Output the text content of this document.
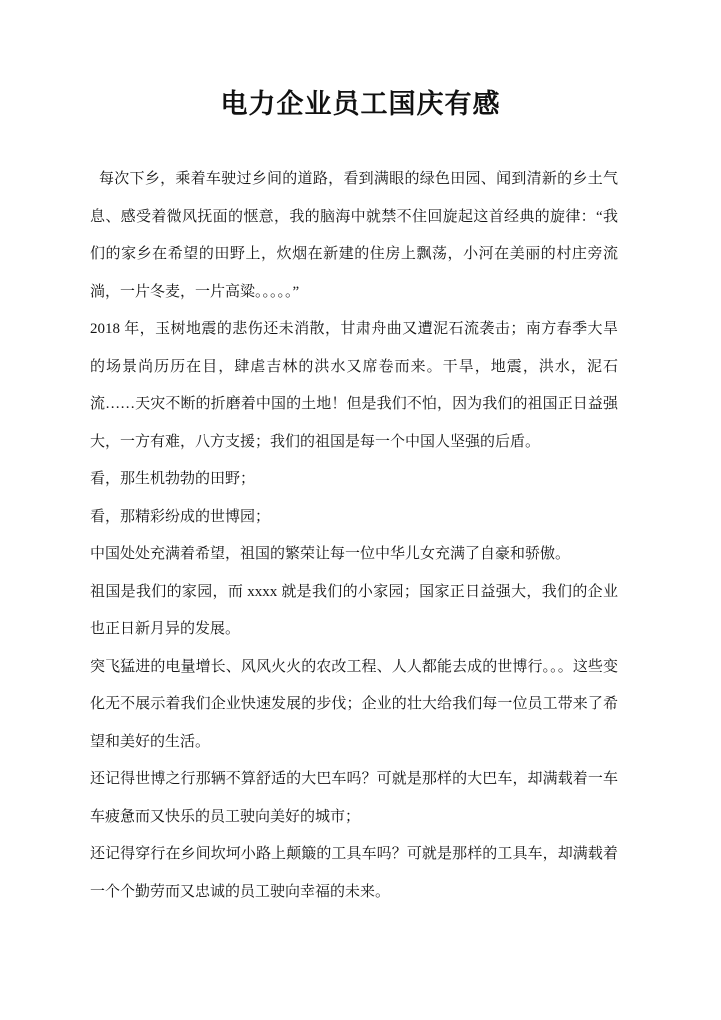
电力企业员工国庆有感

每次下乡，乘着车驶过乡间的道路，看到满眼的绿色田园、闻到清新的乡土气息、感受着微风抚面的惬意，我的脑海中就禁不住回旋起这首经典的旋律：“我们的家乡在希望的田野上，炊烟在新建的住房上飘荡，小河在美丽的村庄旁流淌，一片冬麦，一片高粱。。。。。”

2018 年，玉树地震的悲伤还未消散，甘肃舟曲又遭泥石流袭击；南方春季大旱的场景尚历历在目，肆虐吉林的洪水又席卷而来。干旱，地震，洪水，泥石流……天灾不断的折磨着中国的土地！但是我们不怕，因为我们的祖国正日益强大，一方有难，八方支援；我们的祖国是每一个中国人坚强的后盾。

看，那生机勃勃的田野；

看，那精彩纷成的世博园；

中国处处充满着希望，祖国的繁荣让每一位中华儿女充满了自豪和骄傲。

祖国是我们的家园，而 xxxx 就是我们的小家园；国家正日益强大，我们的企业也正日新月异的发展。

突飞猛进的电量增长、风风火火的农改工程、人人都能去成的世博行。。。这些变化无不展示着我们企业快速发展的步伐；企业的壮大给我们每一位员工带来了希望和美好的生活。

还记得世博之行那辆不算舒适的大巴车吗？可就是那样的大巴车，却满载着一车车疲惫而又快乐的员工驶向美好的城市；

还记得穿行在乡间坎坷小路上颠簸的工具车吗？可就是那样的工具车，却满载着一个个勤劳而又忠诚的员工驶向幸福的未来。
